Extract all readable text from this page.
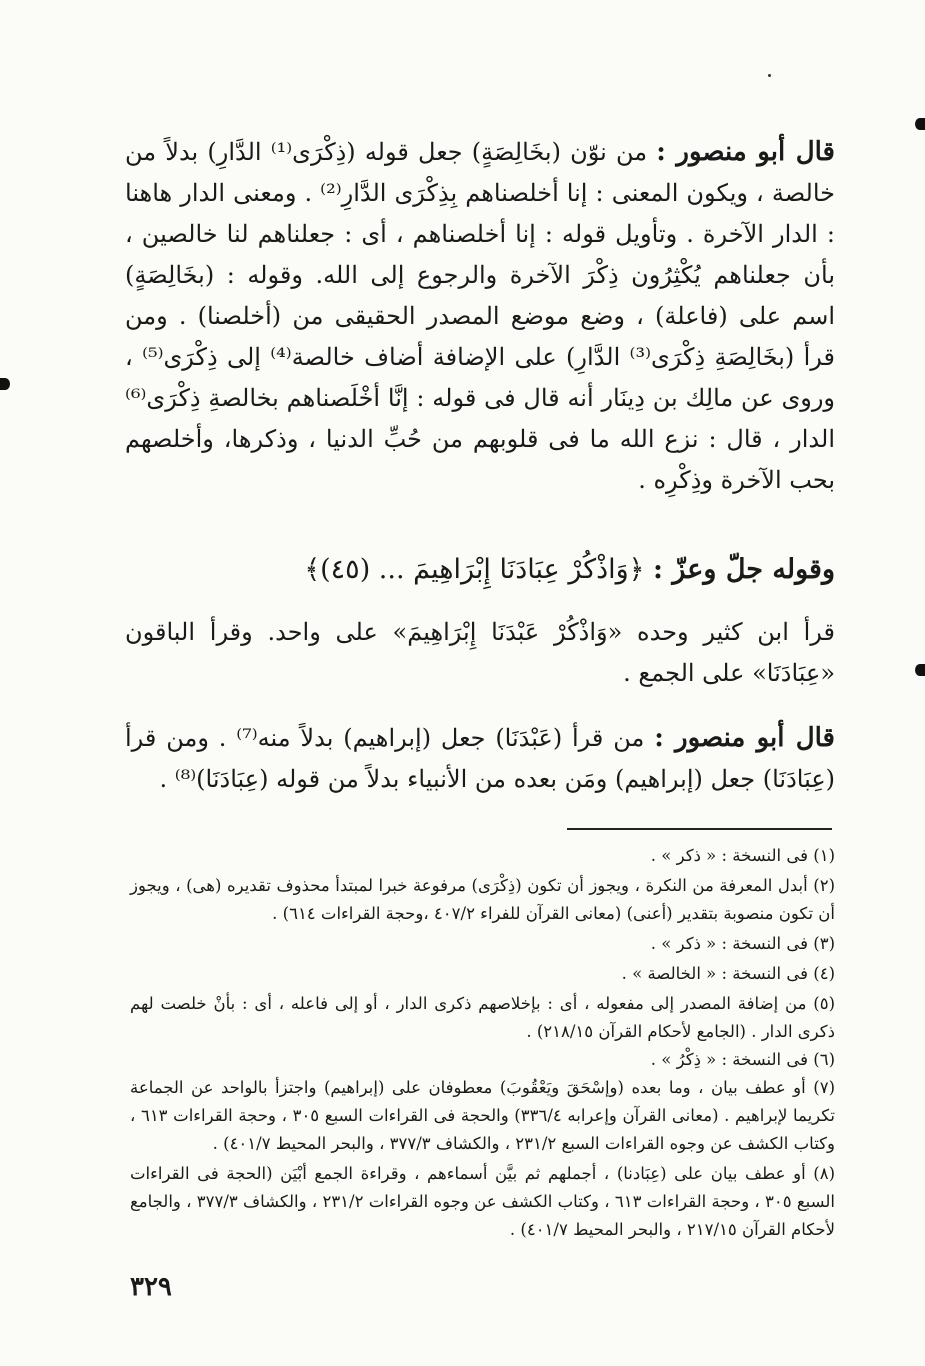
قال أبو منصور : من نوّن (بخَالِصَةٍ) جعل قوله (ذِكْرَى⁽¹⁾ الدَّارِ) بدلاً من خالصة ، ويكون المعنى : إنا أخلصناهم بِذِكْرَى الدَّارِ⁽²⁾ . ومعنى الدار هاهنا : الدار الآخرة . وتأويل قوله : إنا أخلصناهم ، أى : جعلناهم لنا خالصين ، بأن جعلناهم يُكْثِرُون ذِكْرَ الآخرة والرجوع إلى الله. وقوله : (بخَالِصَةٍ) اسم على (فاعلة) ، وضع موضع المصدر الحقيقى من (أخلصنا) . ومن قرأ (بخَالِصَةِ ذِكْرَى⁽³⁾ الدَّارِ) على الإضافة أضاف خالصة⁽⁴⁾ إلى ذِكْرَى⁽⁵⁾ ، وروى عن مالِك بن دِينَار أنه قال فى قوله : إنَّا أخْلَصناهم بخالصةِ ذِكْرَى⁽⁶⁾ الدار ، قال : نزع الله ما فى قلوبهم من حُبِّ الدنيا ، وذكرها، وأخلصهم بحب الآخرة وذِكْرِه .
وقوله جلّ وعزّ : ﴿وَاذْكُرْ عِبَادَنَا إِبْرَاهِيمَ ... (٤٥)﴾
قرأ ابن كثير وحده «وَاذْكُرْ عَبْدَنَا إِبْرَاهِيمَ» على واحد. وقرأ الباقون «عِبَادَنَا» على الجمع .
قال أبو منصور : من قرأ (عَبْدَنَا) جعل (إبراهيم) بدلاً منه⁽⁷⁾ . ومن قرأ (عِبَادَنَا) جعل (إبراهيم) ومَن بعده من الأنبياء بدلاً من قوله (عِبَادَنَا)⁽⁸⁾ .
(١) فى النسخة : « ذكر » .
(٢) أبدل المعرفة من النكرة ، ويجوز أن تكون (ذِكْرَى) مرفوعة خبرا لمبتدأ محذوف تقديره (هى) ، ويجوز أن تكون منصوبة بتقدير (أعنى) (معانى القرآن للفراء ٤٠٧/٢ ،وحجة القراءات ٦١٤) .
(٣) فى النسخة : « ذكر » .
(٤) فى النسخة : « الخالصة » .
(٥) من إضافة المصدر إلى مفعوله ، أى : بإخلاصهم ذكرى الدار ، أو إلى فاعله ، أى : بأنْ خلصت لهم ذكرى الدار . (الجامع لأحكام القرآن ٢١٨/١٥) .
(٦) فى النسخة : « ذِكْرُ » .
(٧) أو عطف بيان ، وما بعده (وإسْحَقَ ويَعْقُوبَ) معطوفان على (إبراهيم) واجتزأ بالواحد عن الجماعة تكريما لإبراهيم . (معانى القرآن وإعرابه ٣٣٦/٤) والحجة فى القراءات السبع ٣٠٥ ، وحجة القراءات ٦١٣ ، وكتاب الكشف عن وجوه القراءات السبع ٢٣١/٢ ، والكشاف ٣٧٧/٣ ، والبحر المحيط ٤٠١/٧) .
(٨) أو عطف بيان على (عِبَادنا) ، أجملهم ثم بيَّن أسماءهم ، وقراءة الجمع أبْيَن (الحجة فى القراءات السبع ٣٠٥ ، وحجة القراءات ٦١٣ ، وكتاب الكشف عن وجوه القراءات ٢٣١/٢ ، والكشاف ٣٧٧/٣ ، والجامع لأحكام القرآن ٢١٧/١٥ ، والبحر المحيط ٤٠١/٧) .
٣٢٩
